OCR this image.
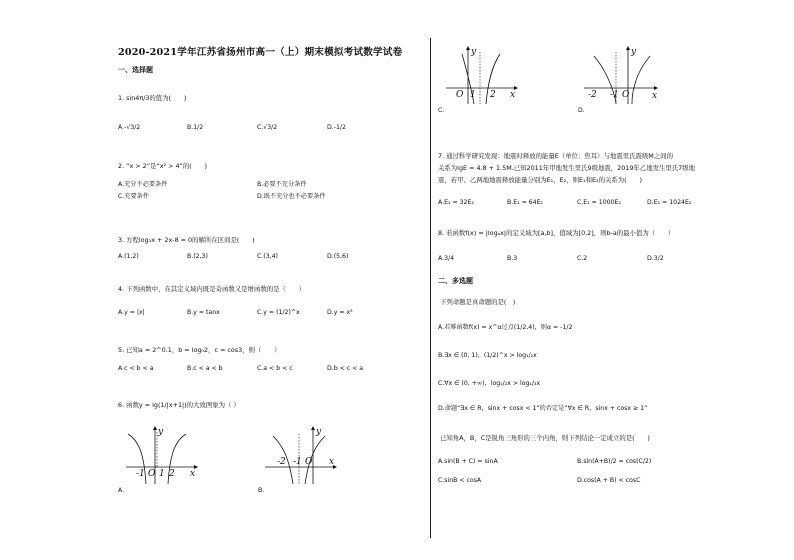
2020-2021学年江苏省扬州市高一（上）期末模拟考试数学试卷
一、选择题
1. sin4π/3的值为(　　)
A.-√3/2	B.1/2	C.√3/2	D.-1/2
2. “x > 2”是“x² > 4”的(　　)
A.充分不必要条件	B.必要不充分条件
C.充要条件	D.既不充分也不必要条件
3. 方程log₃x + 2x-8 = 0的解所在区间是(　　)
A.(1,2)	B.(2,3)	C.(3,4)	D.(5,6)
4. 下列函数中，在其定义域内既是奇函数又是增函数的是（　　）
A.y = |x|	B.y = tanx	C.y = (1/2)^x	D.y = x³
5. 已知a = 2^0.1，b = log₀2，c = cos3，则（　　）
A.c < b < a	B.c < a < b	C.a < b < c	D.b < c < a
6. 函数y = lg(1/|x+1|)的大致图象为（ ）
-1 O 1 2 x
y
A.
-2 -1 O x
y
B.
O 1 2 x
y
C.
-2 -1 O	x
y
D.
7. 通过科学研究发现：地震时释放的能量E（单位：焦耳）与地震里氏震级M之间的
关系为lgE = 4.8 + 1.5M.已知2011年甲地发生里氏9级地震，2019年乙地发生里氏7级地
震，若甲、乙两地地震释放能量分别为E₁，E₂，则E₁和E₂的关系为(　　)
A.E₁ = 32E₂	B.E₁ = 64E₂	C.E₁ = 1000E₂	D.E₁ = 1024E₂
8. 若函数f(x) = |logₐx|的定义域为[a,b]，值域为[0,2]，则b-a的最小值为（　　）
A.3/4	B.3	C.2	D.3/2
二、多选题
下列命题是真命题的是(　)
A.若幂函数f(x) = x^α过点(1/2,4)，则α = -1/2
B.∃x ∈ (0, 1)，(1/2)^x > log₁/₂x
C.∀x ∈ (0, +∞)，log₁/₂x > log₁/₃x
D.命题“∃x ∈ R，sinx + cosx < 1”的否定是“∀x ∈ R，sinx + cosx ≥ 1”
已知角A，B，C是锐角三角形的三个内角，则下列结论一定成立的是(　　)
A.sin(B + C) = sinA	B.sin(A+B)/2 = cos(C/2)
C.sinB < cosA	D.cos(A + B) < cosC
